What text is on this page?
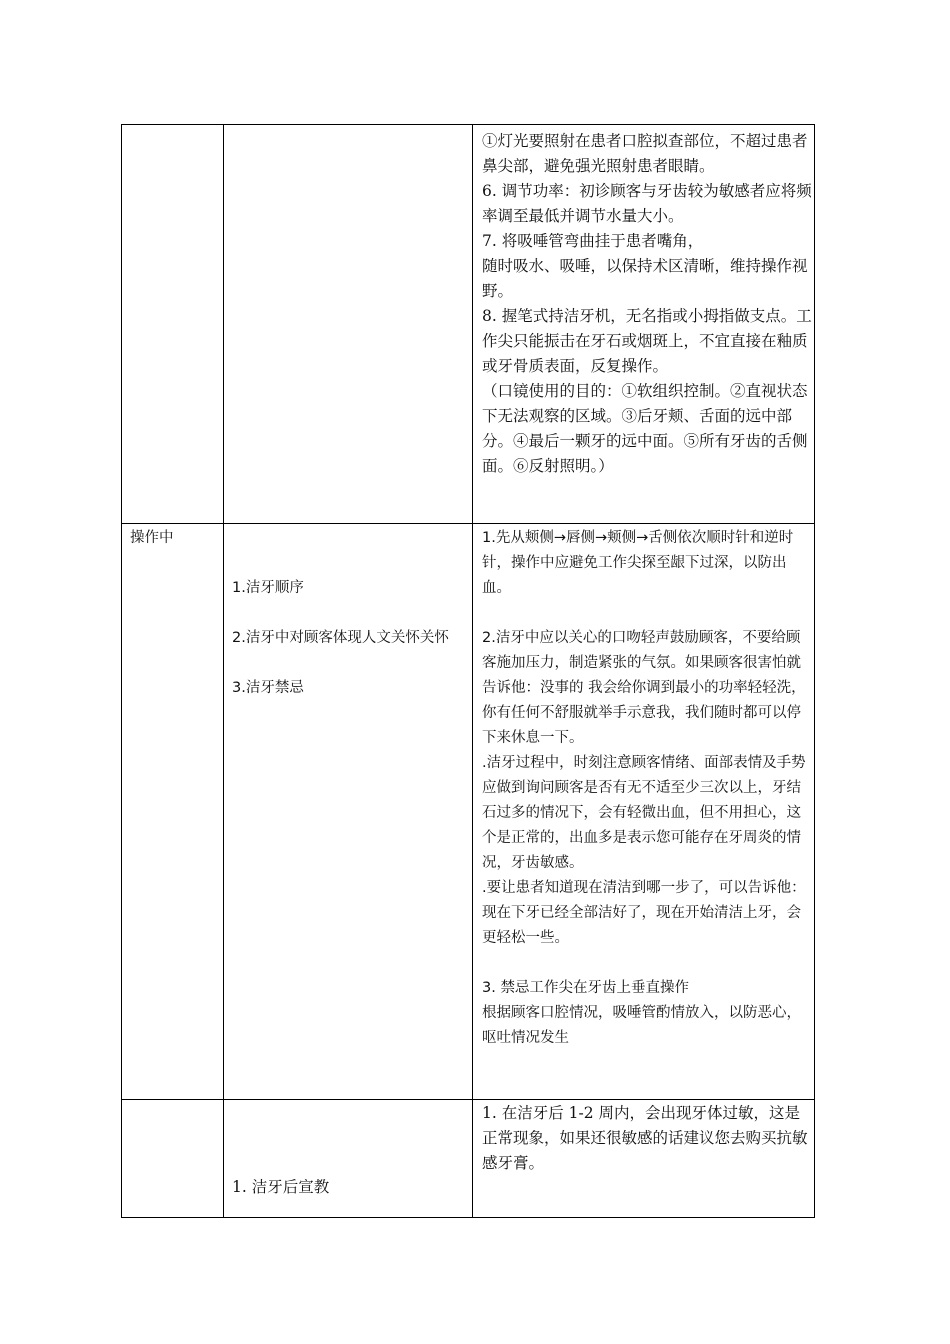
①灯光要照射在患者口腔拟查部位，不超过患者鼻尖部，避免强光照射患者眼睛。

6. 调节功率：初诊顾客与牙齿较为敏感者应将频率调至最低并调节水量大小。

7. 将吸唾管弯曲挂于患者嘴角，

随时吸水、吸唾，以保持术区清晰，维持操作视野。

8. 握笔式持洁牙机，无名指或小拇指做支点。工作尖只能振击在牙石或烟斑上，不宜直接在釉质或牙骨质表面，反复操作。

（口镜使用的目的：①软组织控制。②直视状态下无法观察的区域。③后牙颊、舌面的远中部分。④最后一颗牙的远中面。⑤所有牙齿的舌侧面。⑥反射照明。）

操作中

1.洁牙顺序

2.洁牙中对顾客体现人文关怀关怀

3.洁牙禁忌

1.先从颊侧→唇侧→颊侧→舌侧依次顺时针和逆时针，操作中应避免工作尖探至龈下过深，以防出血。

2.洁牙中应以关心的口吻轻声鼓励顾客，不要给顾客施加压力，制造紧张的气氛。如果顾客很害怕就告诉他：没事的 我会给你调到最小的功率轻轻洗，你有任何不舒服就举手示意我，我们随时都可以停下来休息一下。

.洁牙过程中，时刻注意顾客情绪、面部表情及手势应做到询问顾客是否有无不适至少三次以上，牙结石过多的情况下，会有轻微出血，但不用担心，这个是正常的，出血多是表示您可能存在牙周炎的情况，牙齿敏感。

.要让患者知道现在清洁到哪一步了，可以告诉他：现在下牙已经全部洁好了，现在开始清洁上牙，会更轻松一些。

3. 禁忌工作尖在牙齿上垂直操作

根据顾客口腔情况，吸唾管酌情放入，以防恶心，呕吐情况发生

1. 洁牙后宣教
1. 在洁牙后 1-2 周内，会出现牙体过敏，这是正常现象，如果还很敏感的话建议您去购买抗敏感牙膏。
